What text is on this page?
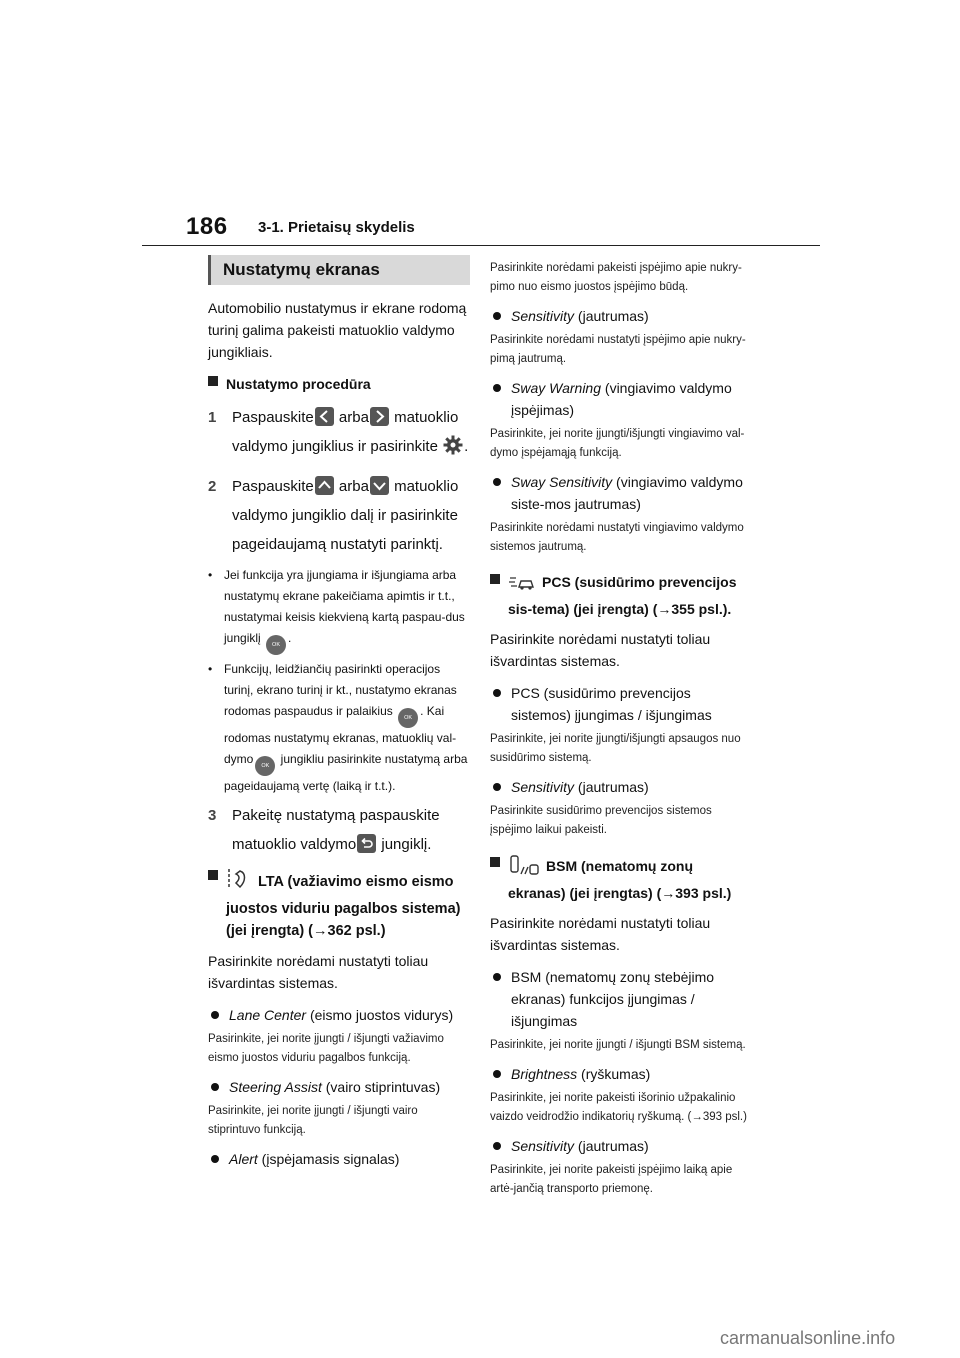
186 3-1. Prietaisų skydelis
Nustatymų ekranas

Automobilio nustatymus ir ekrane rodomą turinį galima pakeisti matuoklio valdymo jungikliais.

Nustatymo procedūra
1	Paspauskite
arba
matuoklio valdymo jungiklius ir pasirinkite .
2	Paspauskite
arba
matuoklio valdymo jungiklio dalį ir pasirinkite pageidaujamą nustatyti parinktį.
• Jei funkcija yra įjungiama ir išjungiama arba nustatymų ekrane pakeičiama apimtis ir t.t., nustatymai keisis kiekvieną kartą paspau-dus jungiklį OK .
• Funkcijų, leidžiančių pasirinkti operacijos turinį, ekrano turinį ir kt., nustatymo ekranas rodomas paspaudus ir palaikius OK . Kai rodomas nustatymų ekranas, matuoklių val-dymo OK jungikliu pasirinkite nustatymą arba pageidaujamą vertę (laiką ir t.t.).
3	Pakeitę nustatymą paspauskite matuoklio valdymo
jungiklį.
LTA (važiavimo eismo eismo juostos viduriu pagalbos sistema) (jei įrengta) (→362 psl.)

Pasirinkite norėdami nustatyti toliau išvardintas sistemas.

Lane Center (eismo juostos vidurys)
Pasirinkite, jei norite įjungti / išjungti važiavimo eismo juostos viduriu pagalbos funkciją.
Steering Assist (vairo stiprintuvas)
Pasirinkite, jei norite įjungti / išjungti vairo stiprintuvo funkciją.
Alert (įspėjamasis signalas)
Pasirinkite norėdami pakeisti įspėjimo apie nukry-pimo nuo eismo juostos įspėjimo būdą.
Sensitivity (jautrumas)
Pasirinkite norėdami nustatyti įspėjimo apie nukry-pimą jautrumą.
Sway Warning (vingiavimo valdymo įspėjimas)
Pasirinkite, jei norite įjungti/išjungti vingiavimo val-dymo įspėjamąją funkciją.
Sway Sensitivity (vingiavimo valdymo siste-mos jautrumas)
Pasirinkite norėdami nustatyti vingiavimo valdymo sistemos jautrumą.
PCS (susidūrimo prevencijos sis-tema) (jei įrengta) (→355 psl.).

Pasirinkite norėdami nustatyti toliau išvardintas sistemas.

PCS (susidūrimo prevencijos sistemos) įjungimas / išjungimas
Pasirinkite, jei norite įjungti/išjungti apsaugos nuo susidūrimo sistemą.
Sensitivity (jautrumas)
Pasirinkite susidūrimo prevencijos sistemos įspėjimo laikui pakeisti.
BSM (nematomų zonų ekranas) (jei įrengtas) (→393 psl.)

Pasirinkite norėdami nustatyti toliau išvardintas sistemas.

BSM (nematomų zonų stebėjimo ekranas) funkcijos įjungimas / išjungimas
Pasirinkite, jei norite įjungti / išjungti BSM sistemą.
Brightness (ryškumas)
Pasirinkite, jei norite pakeisti išorinio užpakalinio vaizdo veidrodžio indikatorių ryškumą. (→393 psl.)
Sensitivity (jautrumas)
Pasirinkite, jei norite pakeisti įspėjimo laiką apie artė-jančią transporto priemonę.
carmanualsonline.info
